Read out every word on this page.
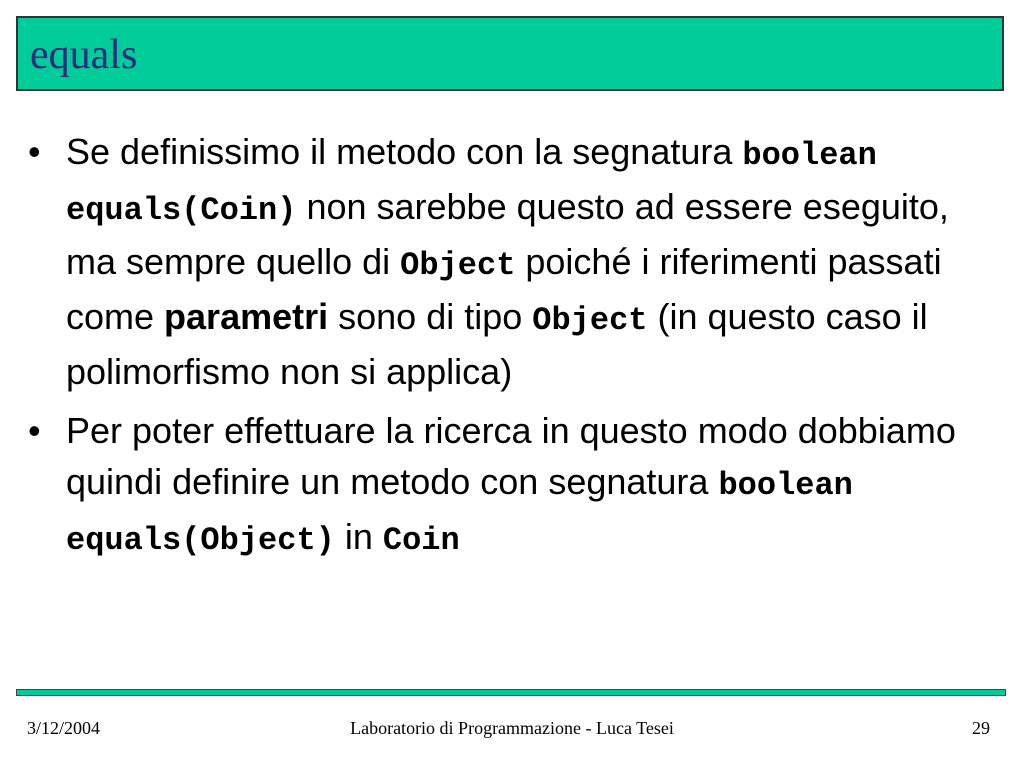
equals
• Se definissimo il metodo con la segnatura boolean equals(Coin) non sarebbe questo ad essere eseguito, ma sempre quello di Object poiché i riferimenti passati come parametri sono di tipo Object (in questo caso il polimorfismo non si applica)
• Per poter effettuare la ricerca in questo modo dobbiamo quindi definire un metodo con segnatura boolean equals(Object) in Coin
3/12/2004	Laboratorio di Programmazione - Luca Tesei	29
